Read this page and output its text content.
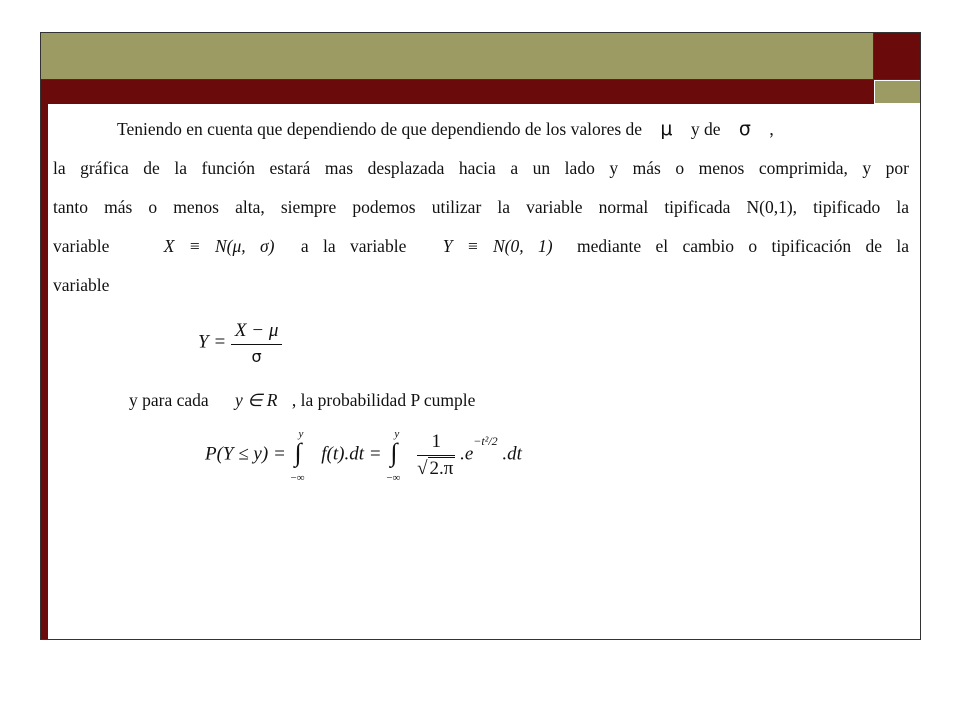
Teniendo en cuenta que dependiendo de que dependiendo de los valores de μ y de σ ,
la gráfica de la función estará mas desplazada hacia a un lado y más o menos comprimida, y por
tanto más o menos alta, siempre podemos utilizar la variable normal tipificada N(0,1), tipificado la
variable	X ≡ N(μ, σ) a la variable Y ≡ N(0, 1) mediante el cambio o tipificación de la
variable
$Y = \frac{X - \mu}{\sigma}$
y para cada y ∈ R , la probabilidad P cumple
P(Y ≤ y) =
y
∫
−∞
f(t).dt =
y
∫
−∞
$\frac{1}{√ 2.\pi} .e^{-t^2/2}$ .dt
